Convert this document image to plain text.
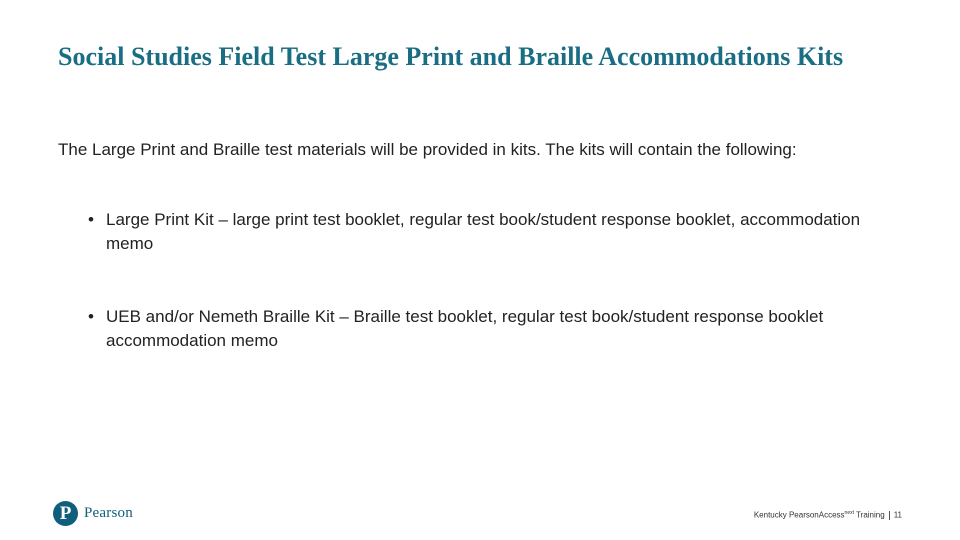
Social Studies Field Test Large Print and Braille Accommodations Kits

The Large Print and Braille test materials will be provided in kits. The kits will contain the following:

• Large Print Kit – large print test booklet, regular test book/student response booklet, accommodation memo
• UEB and/or Nemeth Braille Kit – Braille test booklet, regular test book/student response booklet accommodation memo
P Pearson	Kentucky PearsonAccess$^{next}$ Training 11
